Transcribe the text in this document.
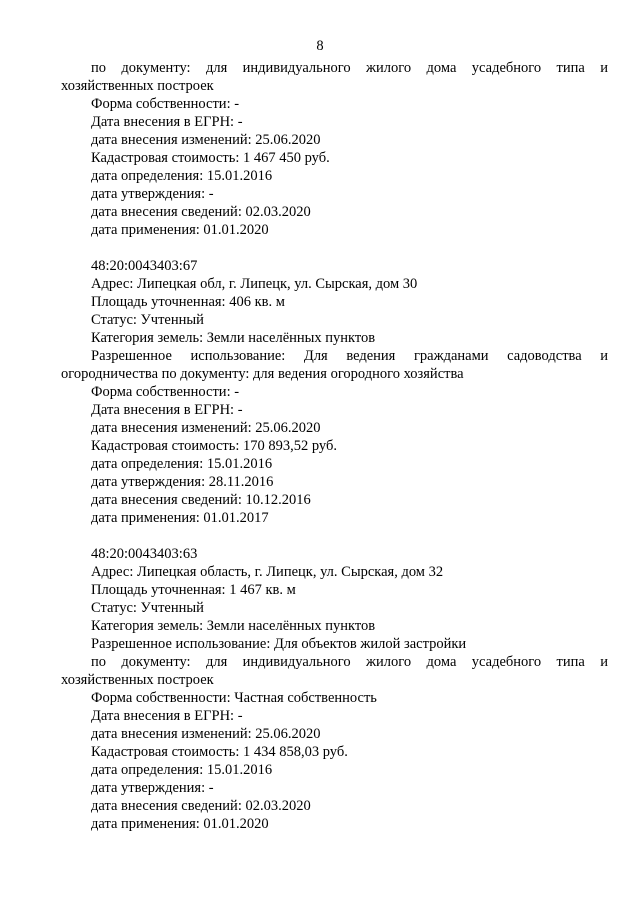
8

по документу: для индивидуального жилого дома усадебного типа и

хозяйственных построек

Форма собственности: -

Дата внесения в ЕГРН: -

дата внесения изменений: 25.06.2020

Кадастровая стоимость: 1 467 450 руб.

дата определения: 15.01.2016

дата утверждения: -

дата внесения сведений: 02.03.2020

дата применения: 01.01.2020

48:20:0043403:67

Адрес: Липецкая обл, г. Липецк, ул. Сырская, дом 30

Площадь уточненная: 406 кв. м

Статус: Учтенный

Категория земель: Земли населённых пунктов

Разрешенное использование: Для ведения гражданами садоводства и

огородничества по документу: для ведения огородного хозяйства

Форма собственности: -

Дата внесения в ЕГРН: -

дата внесения изменений: 25.06.2020

Кадастровая стоимость: 170 893,52 руб.

дата определения: 15.01.2016

дата утверждения: 28.11.2016

дата внесения сведений: 10.12.2016

дата применения: 01.01.2017

48:20:0043403:63

Адрес: Липецкая область, г. Липецк, ул. Сырская, дом 32

Площадь уточненная: 1 467 кв. м

Статус: Учтенный

Категория земель: Земли населённых пунктов

Разрешенное использование: Для объектов жилой застройки

по документу: для индивидуального жилого дома усадебного типа и

хозяйственных построек

Форма собственности: Частная собственность

Дата внесения в ЕГРН: -

дата внесения изменений: 25.06.2020

Кадастровая стоимость: 1 434 858,03 руб.

дата определения: 15.01.2016

дата утверждения: -

дата внесения сведений: 02.03.2020

дата применения: 01.01.2020
